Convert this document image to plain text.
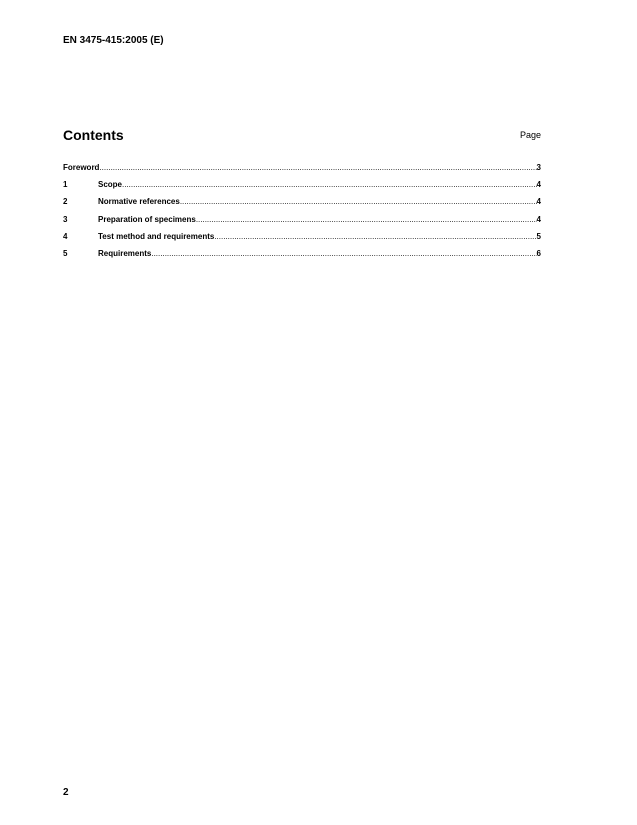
EN 3475-415:2005 (E)
Contents	Page
Foreword .....	3
1	Scope .....	4
2	Normative references .....	4
3	Preparation of specimens .....	4
4	Test method and requirements .....	5
5	Requirements .....	6
2
